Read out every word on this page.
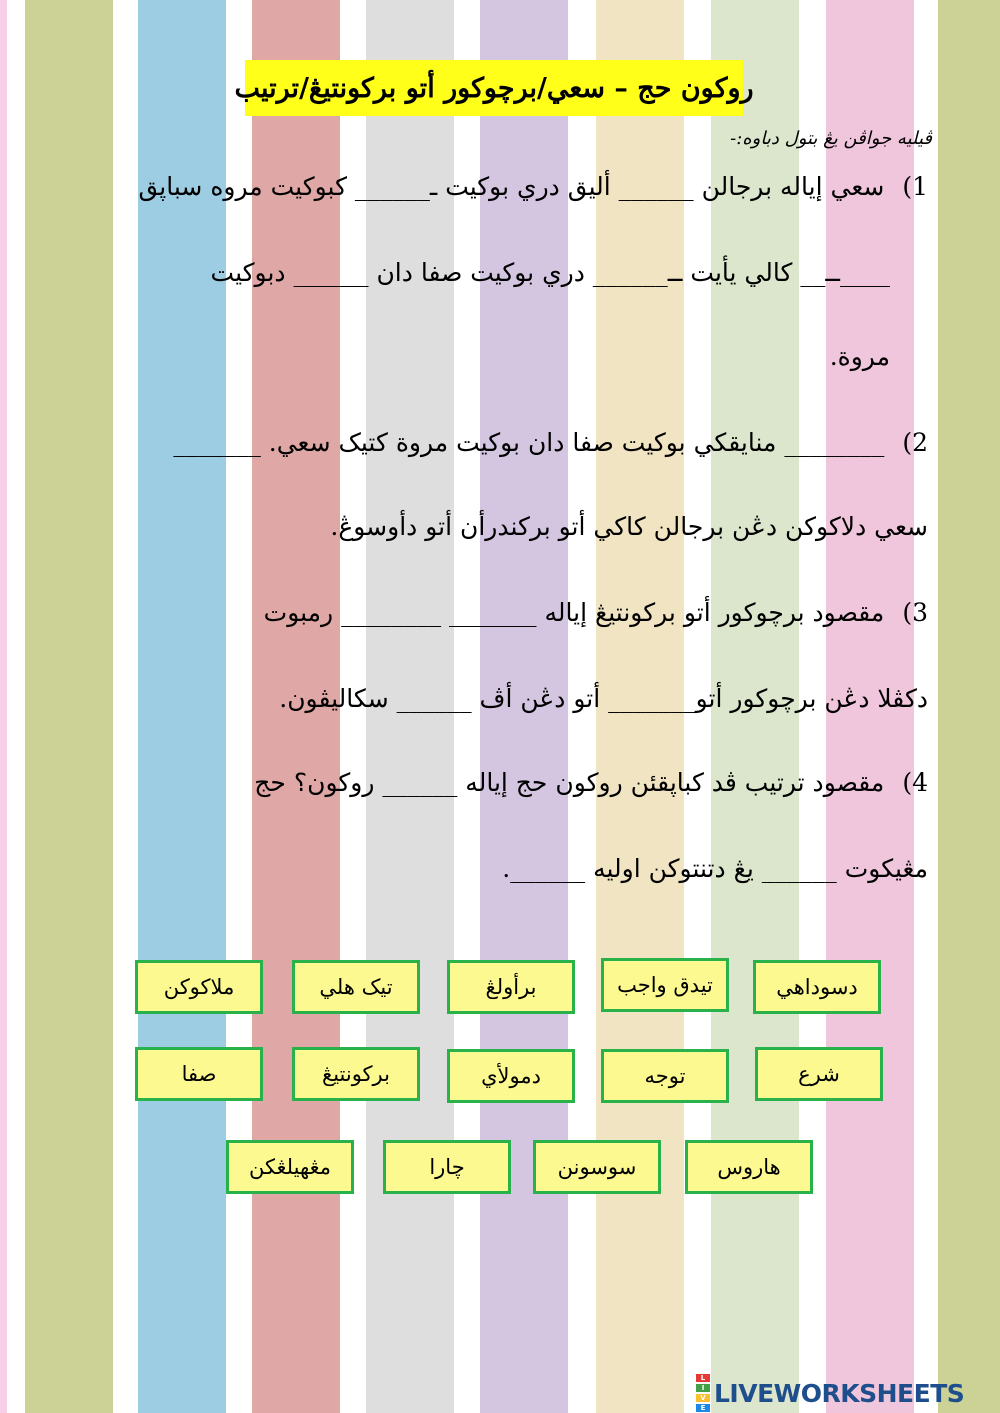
روكون حج – سعي/برچوكور أتو بركونتيڠ/ترتيب
ڤيليه جواڤن يڠ بتول دباوه:-
1)سعي إياله برجالن ______ أليق دري بوكيت ـ______ كبوكيت مروه سباڽق
____ــ__ كالي يأيت ــ______ دري بوكيت صفا دان ______ دبوكيت
مروة.
2)________ منايقكي بوكيت صفا دان بوكيت مروة كتيک سعي. _______
سعي دلاكوكن دڠن برجالن كاكي أتو بركندرأن أتو دأوسوڠ.
3)مقصود برچوكور أتو بركونتيڠ إياله _______ ________ رمبوت
دكڤلا دڠن برچوكور أتو_______ أتو دڠن أڤ ______ سكاليڤون.
4)مقصود ترتيب ڤد كباڽقئن روكون حج إياله ______ روكون؟ حج
مڠيكوت ______ يڠ دتنتوكن اوليه ______.
دسوداهي
تيدق واجب
برأولڠ
تيک هلي
ملاكوكن
شرع
توجه
دمولأي
بركونتيڠ
صفا
هاروس
سوسونن
چارا
مڠهيلڠكن
L
I
V
E
LIVEWORKSHEETS
